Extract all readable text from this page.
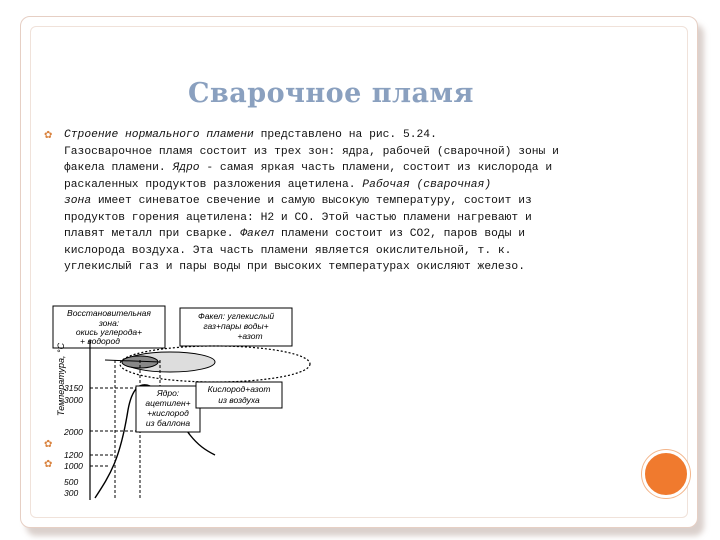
Сварочное пламя
✿
✿
✿
Строение нормального пламени представлено на рис. 5.24.
Газосварочное пламя состоит из трех зон: ядра, рабочей (сварочной) зоны и
факела пламени. Ядро - самая яркая часть пламени, состоит из кислорода и
раскаленных продуктов разложения ацетилена. Рабочая (сварочная)
зона имеет синеватое свечение и самую высокую температуру, состоит из
продуктов горения ацетилена: H2 и СО. Этой частью пламени нагревают и
плавят металл при сварке. Факел пламени состоит из СО2, паров воды и
кислорода воздуха. Эта часть пламени является окислительной, т. к.
углекислый газ и пары воды при высоких температурах окисляют железо.
Восстановительная
зона:
окись углерода+
+ водород
Факел: углекислый
газ+пары воды+
+азот
Температура, °С
3150
3000
2000
1200
1000
500
300
Ядро:
ацетилен+
+кислород
из баллона
Кислород+азот
из воздуха
